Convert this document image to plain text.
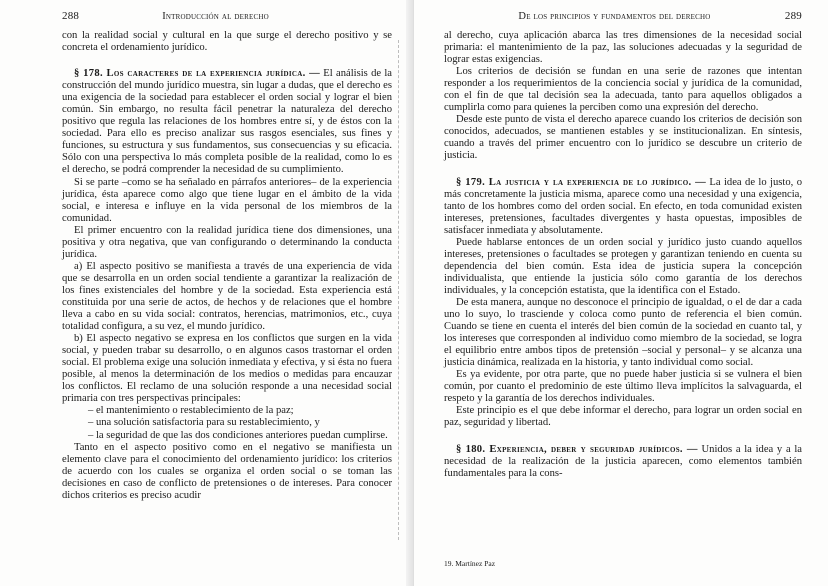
288	Introducción al derecho

con la realidad social y cultural en la que surge el derecho positivo y se concreta el ordenamiento jurídico.

§ 178. Los caracteres de la experiencia jurídica. — El análisis de la construcción del mundo jurídico muestra, sin lugar a dudas, que el derecho es una exigencia de la sociedad para establecer el orden social y lograr el bien común. Sin embargo, no resulta fácil penetrar la naturaleza del derecho positivo que regula las relaciones de los hombres entre sí, y de éstos con la sociedad. Para ello es preciso analizar sus rasgos esenciales, sus fines y funciones, su estructura y sus fundamentos, sus consecuencias y su eficacia. Sólo con una perspectiva lo más completa posible de la realidad, como lo es el derecho, se podrá comprender la necesidad de su cumplimiento.

Si se parte –como se ha señalado en párrafos anteriores– de la experiencia jurídica, ésta aparece como algo que tiene lugar en el ámbito de la vida social, e interesa e influye en la vida personal de los miembros de la comunidad.

El primer encuentro con la realidad jurídica tiene dos dimensiones, una positiva y otra negativa, que van configurando o determinando la conducta jurídica.

a) El aspecto positivo se manifiesta a través de una experiencia de vida que se desarrolla en un orden social tendiente a garantizar la realización de los fines existenciales del hombre y de la sociedad. Esta experiencia está constituida por una serie de actos, de hechos y de relaciones que el hombre lleva a cabo en su vida social: contratos, herencias, matrimonios, etc., cuya totalidad configura, a su vez, el mundo jurídico.

b) El aspecto negativo se expresa en los conflictos que surgen en la vida social, y pueden trabar su desarrollo, o en algunos casos trastornar el orden social. El problema exige una solución inmediata y efectiva, y si ésta no fuera posible, al menos la determinación de los medios o medidas para encauzar los conflictos. El reclamo de una solución responde a una necesidad social primaria con tres perspectivas principales:

– el mantenimiento o restablecimiento de la paz;

– una solución satisfactoria para su restablecimiento, y

– la seguridad de que las dos condiciones anteriores puedan cumplirse.

Tanto en el aspecto positivo como en el negativo se manifiesta un elemento clave para el conocimiento del ordenamiento jurídico: los criterios de acuerdo con los cuales se organiza el orden social o se toman las decisiones en caso de conflicto de pretensiones o de intereses. Para conocer dichos criterios es preciso acudir

De los principios y fundamentos del derecho	289

al derecho, cuya aplicación abarca las tres dimensiones de la necesidad social primaria: el mantenimiento de la paz, las soluciones adecuadas y la seguridad de lograr estas exigencias.

Los criterios de decisión se fundan en una serie de razones que intentan responder a los requerimientos de la conciencia social y jurídica de la comunidad, con el fin de que tal decisión sea la adecuada, tanto para aquellos obligados a cumplirla como para quienes la perciben como una expresión del derecho.

Desde este punto de vista el derecho aparece cuando los criterios de decisión son conocidos, adecuados, se mantienen estables y se institucionalizan. En síntesis, cuando a través del primer encuentro con lo jurídico se descubre un criterio de justicia.

§ 179. La justicia y la experiencia de lo jurídico. — La idea de lo justo, o más concretamente la justicia misma, aparece como una necesidad y una exigencia, tanto de los hombres como del orden social. En efecto, en toda comunidad existen intereses, pretensiones, facultades divergentes y hasta opuestas, imposibles de satisfacer inmediata y absolutamente.

Puede hablarse entonces de un orden social y jurídico justo cuando aquellos intereses, pretensiones o facultades se protegen y garantizan teniendo en cuenta su dependencia del bien común. Esta idea de justicia supera la concepción individualista, que entiende la justicia sólo como garantía de los derechos individuales, y la concepción estatista, que la identifica con el Estado.

De esta manera, aunque no desconoce el principio de igualdad, o el de dar a cada uno lo suyo, lo trasciende y coloca como punto de referencia el bien común. Cuando se tiene en cuenta el interés del bien común de la sociedad en cuanto tal, y los intereses que corresponden al individuo como miembro de la sociedad, se logra el equilibrio entre ambos tipos de pretensión –social y personal– y se alcanza una justicia dinámica, realizada en la historia, y tanto individual como social.

Es ya evidente, por otra parte, que no puede haber justicia si se vulnera el bien común, por cuanto el predominio de este último lleva implícitos la salvaguarda, el respeto y la garantía de los derechos individuales.

Este principio es el que debe informar el derecho, para lograr un orden social en paz, seguridad y libertad.

§ 180. Experiencia, deber y seguridad jurídicos. — Unidos a la idea y a la necesidad de la realización de la justicia aparecen, como elementos también fundamentales para la cons-

19. Martínez Paz
